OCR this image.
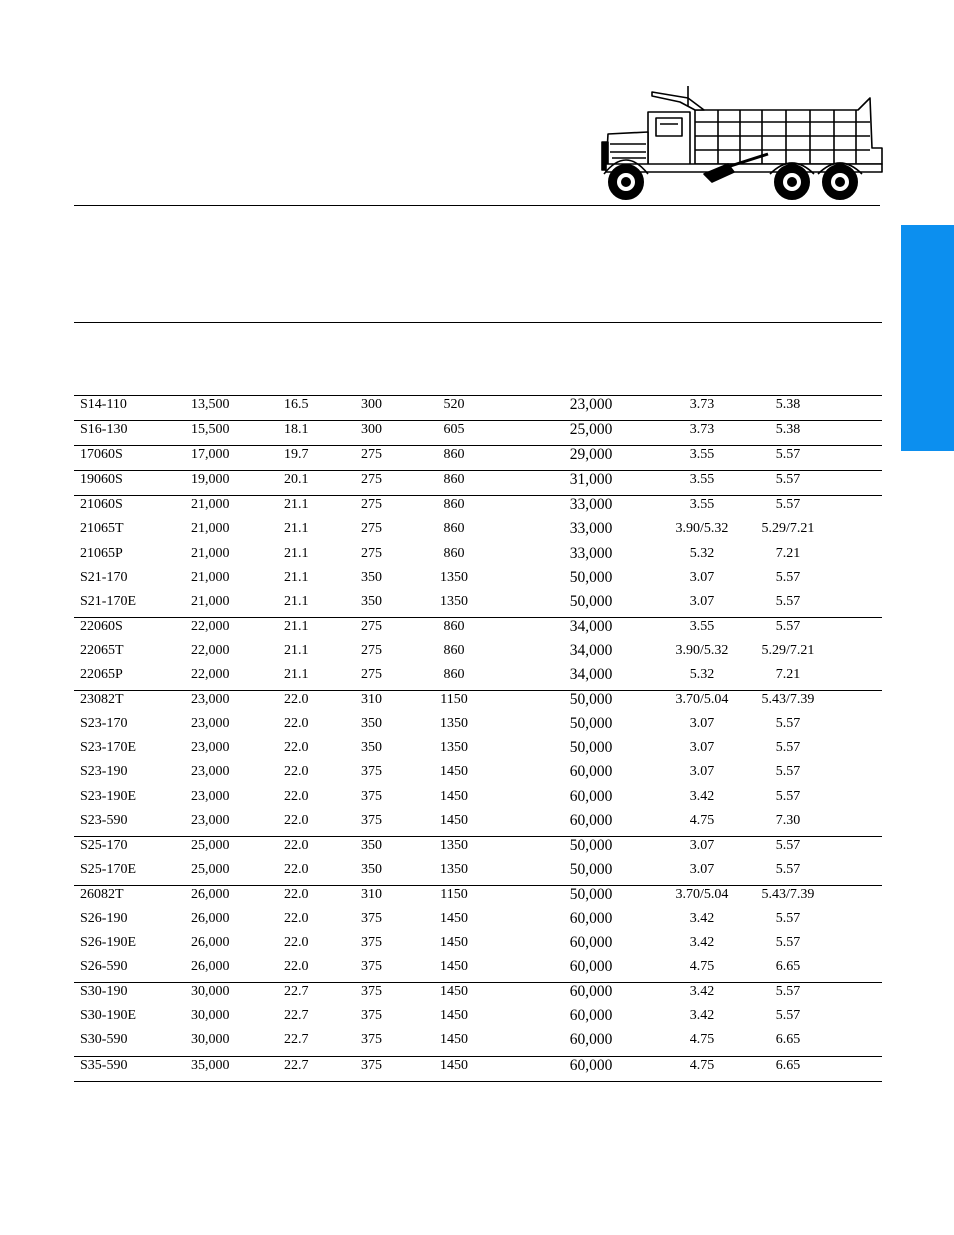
S14-110	13,500	16.5	300	520	23,000	3.73	5.38
S16-130	15,500	18.1	300	605	25,000	3.73	5.38
17060S	17,000	19.7	275	860	29,000	3.55	5.57
19060S	19,000	20.1	275	860	31,000	3.55	5.57
21060S	21,000	21.1	275	860	33,000	3.55	5.57
21065T	21,000	21.1	275	860	33,000	3.90/5.32	5.29/7.21
21065P	21,000	21.1	275	860	33,000	5.32	7.21
S21-170	21,000	21.1	350	1350	50,000	3.07	5.57
S21-170E	21,000	21.1	350	1350	50,000	3.07	5.57
22060S	22,000	21.1	275	860	34,000	3.55	5.57
22065T	22,000	21.1	275	860	34,000	3.90/5.32	5.29/7.21
22065P	22,000	21.1	275	860	34,000	5.32	7.21
23082T	23,000	22.0	310	1150	50,000	3.70/5.04	5.43/7.39
S23-170	23,000	22.0	350	1350	50,000	3.07	5.57
S23-170E	23,000	22.0	350	1350	50,000	3.07	5.57
S23-190	23,000	22.0	375	1450	60,000	3.07	5.57
S23-190E	23,000	22.0	375	1450	60,000	3.42	5.57
S23-590	23,000	22.0	375	1450	60,000	4.75	7.30
S25-170	25,000	22.0	350	1350	50,000	3.07	5.57
S25-170E	25,000	22.0	350	1350	50,000	3.07	5.57
26082T	26,000	22.0	310	1150	50,000	3.70/5.04	5.43/7.39
S26-190	26,000	22.0	375	1450	60,000	3.42	5.57
S26-190E	26,000	22.0	375	1450	60,000	3.42	5.57
S26-590	26,000	22.0	375	1450	60,000	4.75	6.65
S30-190	30,000	22.7	375	1450	60,000	3.42	5.57
S30-190E	30,000	22.7	375	1450	60,000	3.42	5.57
S30-590	30,000	22.7	375	1450	60,000	4.75	6.65
S35-590	35,000	22.7	375	1450	60,000	4.75	6.65
